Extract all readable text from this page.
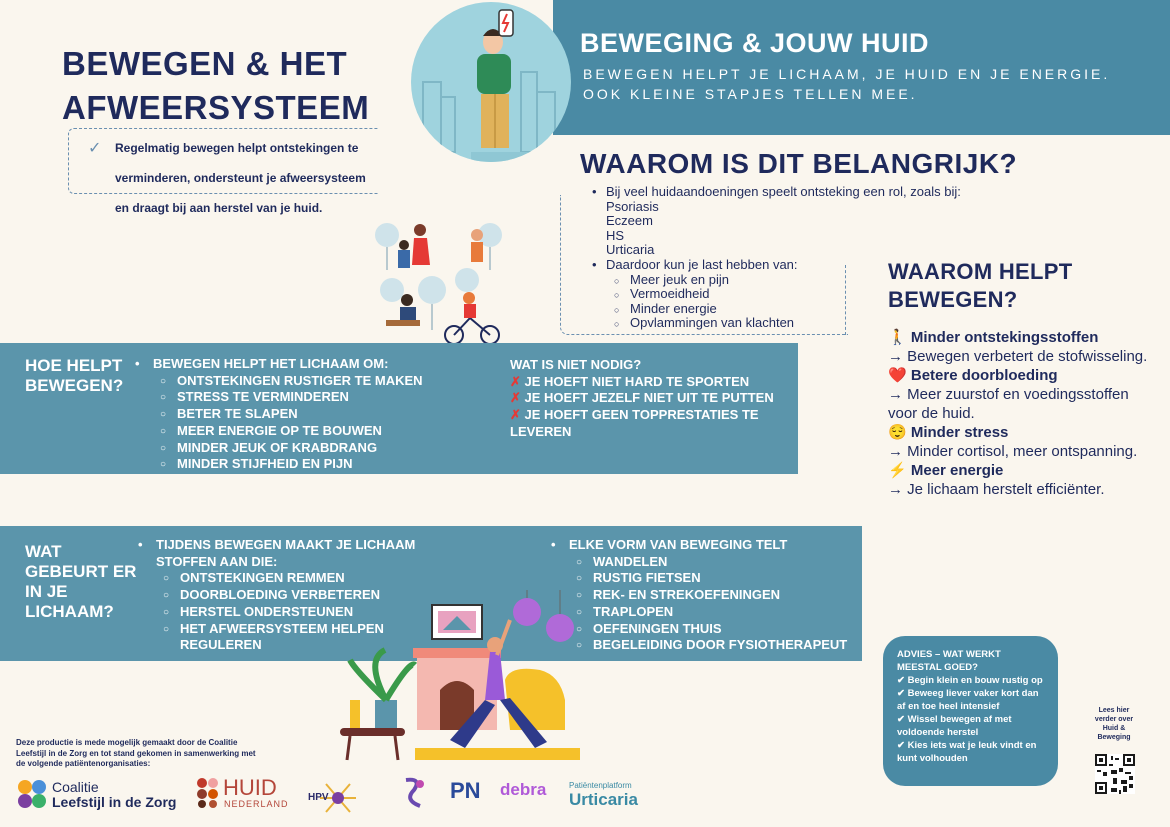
BEWEGING & JOUW HUID
BEWEGEN HELPT JE LICHAAM, JE HUID EN JE ENERGIE. OOK KLEINE STAPJES TELLEN MEE.
BEWEGEN & HET
AFWEERSYSTEEM
✓ Regelmatig bewegen helpt ontstekingen te verminderen, ondersteunt je afweersysteem en draagt bij aan herstel van je huid.
WAAROM IS DIT BELANGRIJK?
• Bij veel huidaandoeningen speelt ontsteking een rol, zoals bij:
Psoriasis
Eczeem
HS
Urticaria
• Daardoor kun je last hebben van:
○ Meer jeuk en pijn
○ Vermoeidheid
○ Minder energie
○ Opvlammingen van klachten
HOE HELPT
BEWEGEN?
• BEWEGEN HELPT HET LICHAAM OM:
○ ONTSTEKINGEN RUSTIGER TE MAKEN
○ STRESS TE VERMINDEREN
○ BETER TE SLAPEN
○ MEER ENERGIE OP TE BOUWEN
○ MINDER JEUK OF KRABDRANG
○ MINDER STIJFHEID EN PIJN
WAT IS NIET NODIG?
✗ JE HOEFT NIET HARD TE SPORTEN
✗ JE HOEFT JEZELF NIET UIT TE PUTTEN
✗ JE HOEFT GEEN TOPPRESTATIES TE LEVEREN
WAAROM HELPT
BEWEGEN?
🚶 Minder ontstekingsstoffen
→ Bewegen verbetert de stofwisseling.
❤️ Betere doorbloeding
→ Meer zuurstof en voedingsstoffen voor de huid.
😌 Minder stress
→ Minder cortisol, meer ontspanning.
⚡ Meer energie
→ Je lichaam herstelt efficiënter.
WAT
GEBEURT ER
IN JE
LICHAAM?
• TIJDENS BEWEGEN MAAKT JE LICHAAM
STOFFEN AAN DIE:
○ ONTSTEKINGEN REMMEN
○ DOORBLOEDING VERBETEREN
○ HERSTEL ONDERSTEUNEN
○ HET AFWEERSYSTEEM HELPEN
REGULEREN
• ELKE VORM VAN BEWEGING TELT
○ WANDELEN
○ RUSTIG FIETSEN
○ REK- EN STREKOEFENINGEN
○ TRAPLOPEN
○ OEFENINGEN THUIS
○ BEGELEIDING DOOR FYSIOTHERAPEUT
ADVIES – WAT WERKT MEESTAL GOED?
✔ Begin klein en bouw rustig op
✔ Beweeg liever vaker kort dan af en toe heel intensief
✔ Wissel bewegen af met voldoende herstel
✔ Kies iets wat je leuk vindt en kunt volhouden
Lees hier verder over Huid & Beweging
Deze productie is mede mogelijk gemaakt door de Coalitie Leefstijl in de Zorg en tot stand gekomen in samenwerking met de volgende patiëntenorganisaties:
Coalitie
Leefstijl in de Zorg
HUID
NEDERLAND
HPV	PN debra	Patiëntenplatform
Urticaria
